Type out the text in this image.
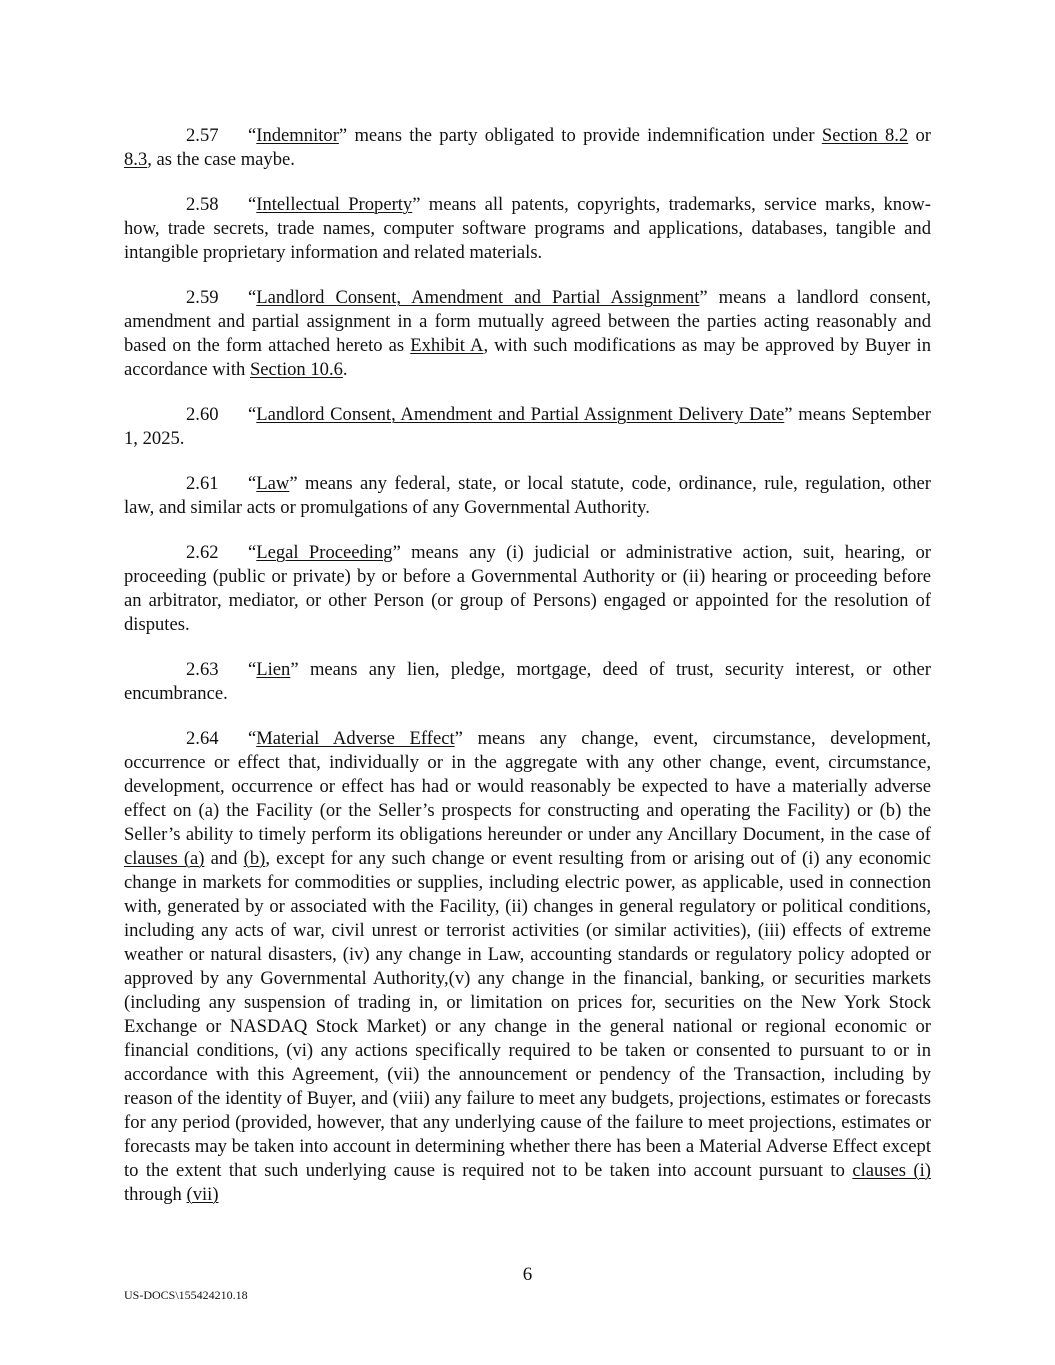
2.57 “Indemnitor” means the party obligated to provide indemnification under Section 8.2 or 8.3, as the case maybe.

2.58 “Intellectual Property” means all patents, copyrights, trademarks, service marks, know-how, trade secrets, trade names, computer software programs and applications, databases, tangible and intangible proprietary information and related materials.

2.59 “Landlord Consent, Amendment and Partial Assignment” means a landlord consent, amendment and partial assignment in a form mutually agreed between the parties acting reasonably and based on the form attached hereto as Exhibit A, with such modifications as may be approved by Buyer in accordance with Section 10.6.

2.60 “Landlord Consent, Amendment and Partial Assignment Delivery Date” means September 1, 2025.

2.61 “Law” means any federal, state, or local statute, code, ordinance, rule, regulation, other law, and similar acts or promulgations of any Governmental Authority.

2.62 “Legal Proceeding” means any (i) judicial or administrative action, suit, hearing, or proceeding (public or private) by or before a Governmental Authority or (ii) hearing or proceeding before an arbitrator, mediator, or other Person (or group of Persons) engaged or appointed for the resolution of disputes.

2.63 “Lien” means any lien, pledge, mortgage, deed of trust, security interest, or other encumbrance.

2.64 “Material Adverse Effect” means any change, event, circumstance, development, occurrence or effect that, individually or in the aggregate with any other change, event, circumstance, development, occurrence or effect has had or would reasonably be expected to have a materially adverse effect on (a) the Facility (or the Seller’s prospects for constructing and operating the Facility) or (b) the Seller’s ability to timely perform its obligations hereunder or under any Ancillary Document, in the case of clauses (a) and (b), except for any such change or event resulting from or arising out of (i) any economic change in markets for commodities or supplies, including electric power, as applicable, used in connection with, generated by or associated with the Facility, (ii) changes in general regulatory or political conditions, including any acts of war, civil unrest or terrorist activities (or similar activities), (iii) effects of extreme weather or natural disasters, (iv) any change in Law, accounting standards or regulatory policy adopted or approved by any Governmental Authority,(v) any change in the financial, banking, or securities markets (including any suspension of trading in, or limitation on prices for, securities on the New York Stock Exchange or NASDAQ Stock Market) or any change in the general national or regional economic or financial conditions, (vi) any actions specifically required to be taken or consented to pursuant to or in accordance with this Agreement, (vii) the announcement or pendency of the Transaction, including by reason of the identity of Buyer, and (viii) any failure to meet any budgets, projections, estimates or forecasts for any period (provided, however, that any underlying cause of the failure to meet projections, estimates or forecasts may be taken into account in determining whether there has been a Material Adverse Effect except to the extent that such underlying cause is required not to be taken into account pursuant to clauses (i) through (vii)

6
US-DOCS\155424210.18
